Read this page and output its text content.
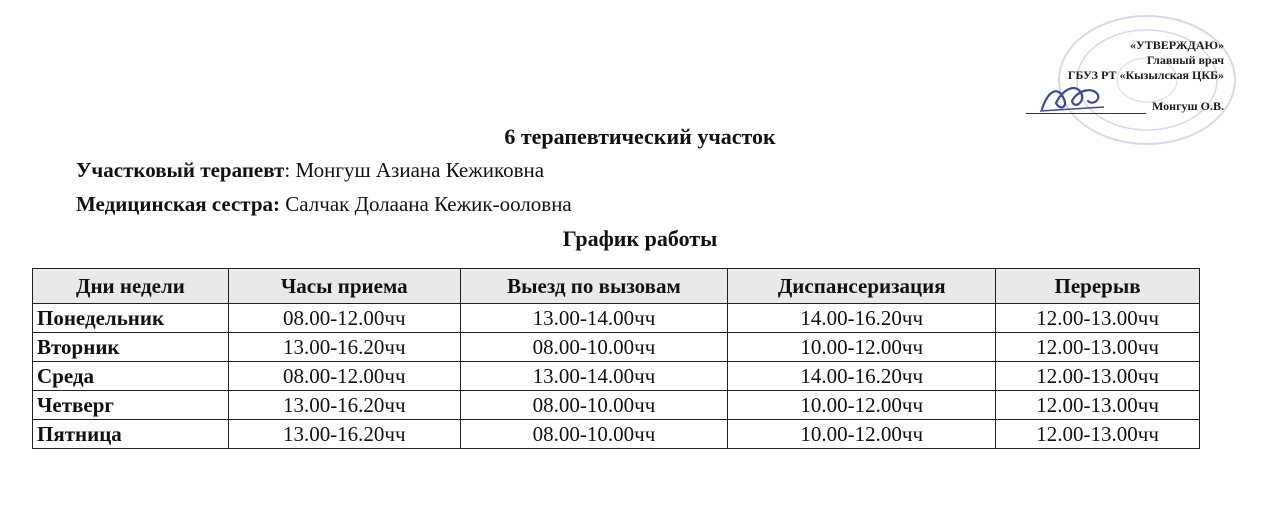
«УТВЕРЖДАЮ»
Главный врач
ГБУЗ РТ «Кызылская ЦКБ»
Монгуш О.В.
6 терапевтический участок
Участковый терапевт: Монгуш Азиана Кежиковна
Медицинская сестра: Салчак Долаана Кежик-ооловна
График работы
Дни недели	Часы приема	Выезд по вызовам	Диспансеризация	Перерыв
Понедельник	08.00-12.00чч	13.00-14.00чч	14.00-16.20чч	12.00-13.00чч
Вторник	13.00-16.20чч	08.00-10.00чч	10.00-12.00чч	12.00-13.00чч
Среда	08.00-12.00чч	13.00-14.00чч	14.00-16.20чч	12.00-13.00чч
Четверг	13.00-16.20чч	08.00-10.00чч	10.00-12.00чч	12.00-13.00чч
Пятница	13.00-16.20чч	08.00-10.00чч	10.00-12.00чч	12.00-13.00чч
